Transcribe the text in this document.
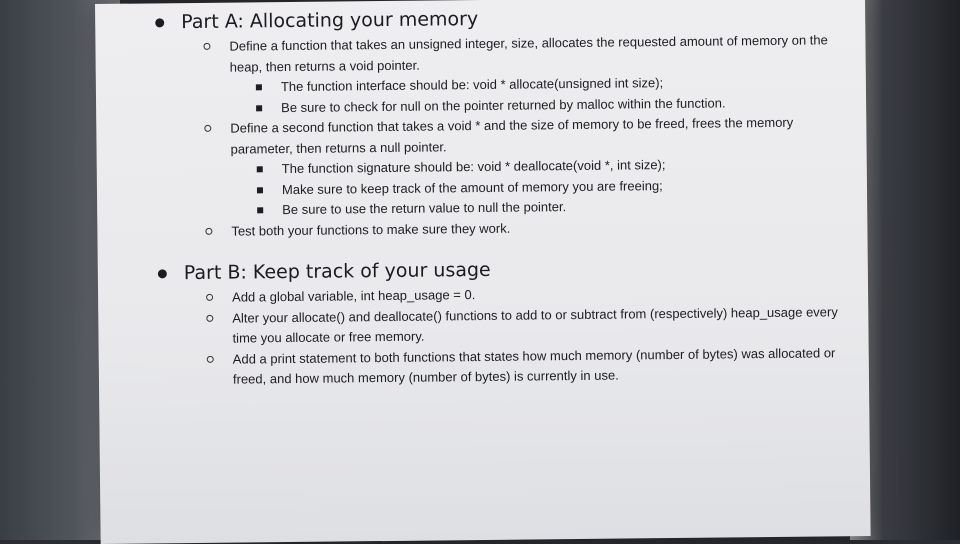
Part A: Allocating your memory
Define a function that takes an unsigned integer, size, allocates the requested amount of memory on the heap, then returns a void pointer.
The function interface should be: void * allocate(unsigned int size);
Be sure to check for null on the pointer returned by malloc within the function.
Define a second function that takes a void * and the size of memory to be freed, frees the memory parameter, then returns a null pointer.
The function signature should be: void * deallocate(void *, int size);
Make sure to keep track of the amount of memory you are freeing;
Be sure to use the return value to null the pointer.
Test both your functions to make sure they work.
Part B: Keep track of your usage
Add a global variable, int heap_usage = 0.
Alter your allocate() and deallocate() functions to add to or subtract from (respectively) heap_usage every time you allocate or free memory.
Add a print statement to both functions that states how much memory (number of bytes) was allocated or freed, and how much memory (number of bytes) is currently in use.
